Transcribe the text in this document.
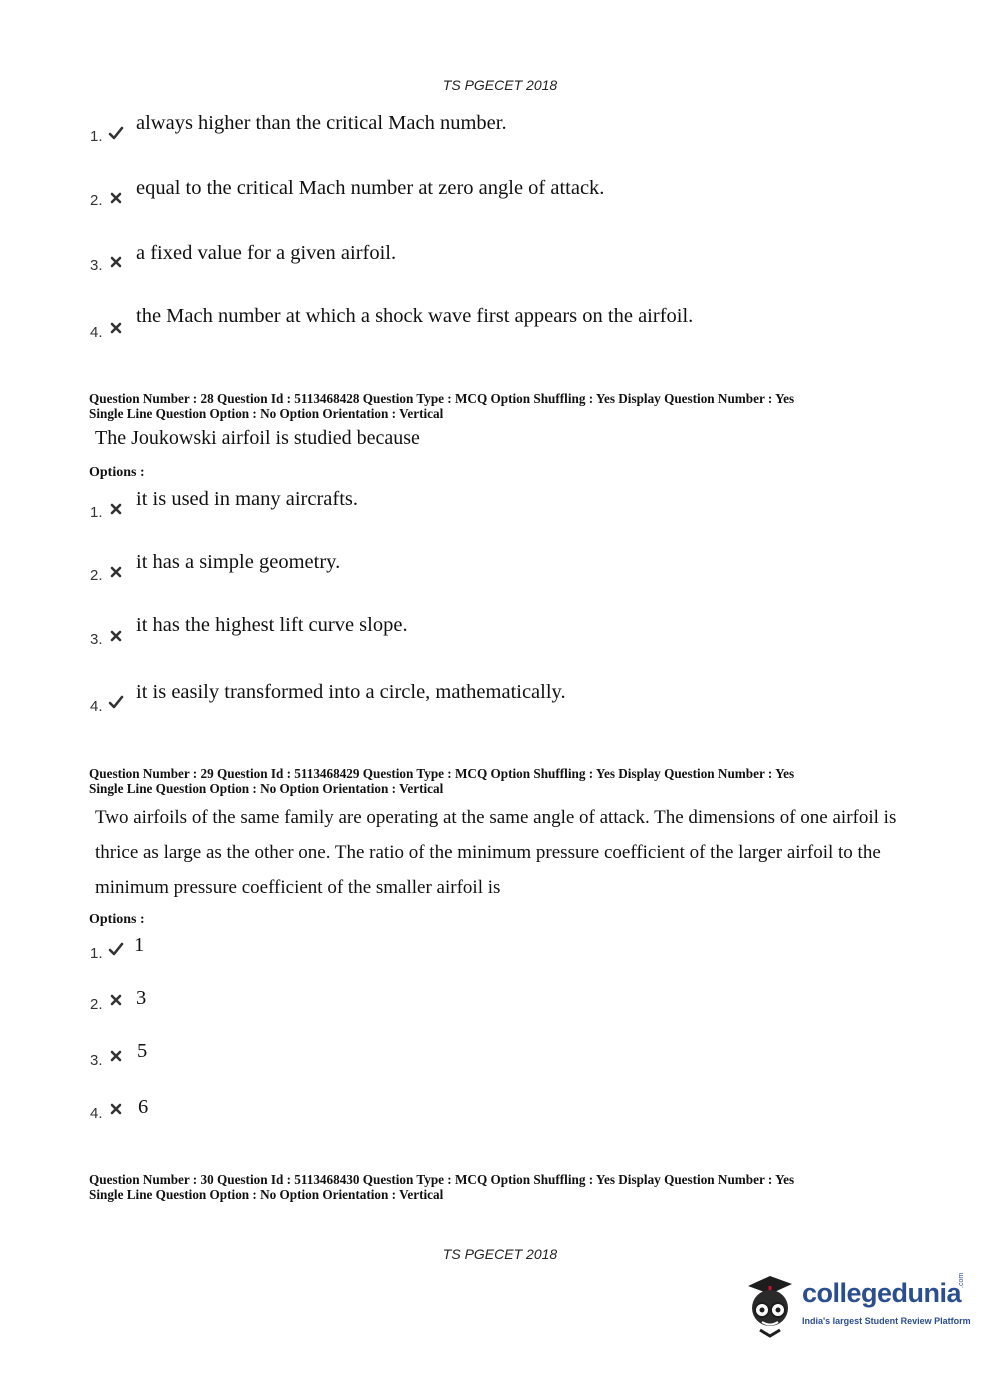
TS PGECET 2018
1.
always higher than the critical Mach number.
2.
equal to the critical Mach number at zero angle of attack.
3.
a fixed value for a given airfoil.
4.
the Mach number at which a shock wave first appears on the airfoil.
Question Number : 28 Question Id : 5113468428 Question Type : MCQ Option Shuffling : Yes Display Question Number : Yes
Single Line Question Option : No Option Orientation : Vertical
The Joukowski airfoil is studied because
Options :
1.
it is used in many aircrafts.
2.
it has a simple geometry.
3.
it has the highest lift curve slope.
4.
it is easily transformed into a circle, mathematically.
Question Number : 29 Question Id : 5113468429 Question Type : MCQ Option Shuffling : Yes Display Question Number : Yes
Single Line Question Option : No Option Orientation : Vertical
Two airfoils of the same family are operating at the same angle of attack. The dimensions of one airfoil is thrice as large as the other one. The ratio of the minimum pressure coefficient of the larger airfoil to the minimum pressure coefficient of the smaller airfoil is
Options :
1. 1
2. 3
3. 5
4. 6
Question Number : 30 Question Id : 5113468430 Question Type : MCQ Option Shuffling : Yes Display Question Number : Yes
Single Line Question Option : No Option Orientation : Vertical
TS PGECET 2018
collegedunia
.com
India's largest Student Review Platform
